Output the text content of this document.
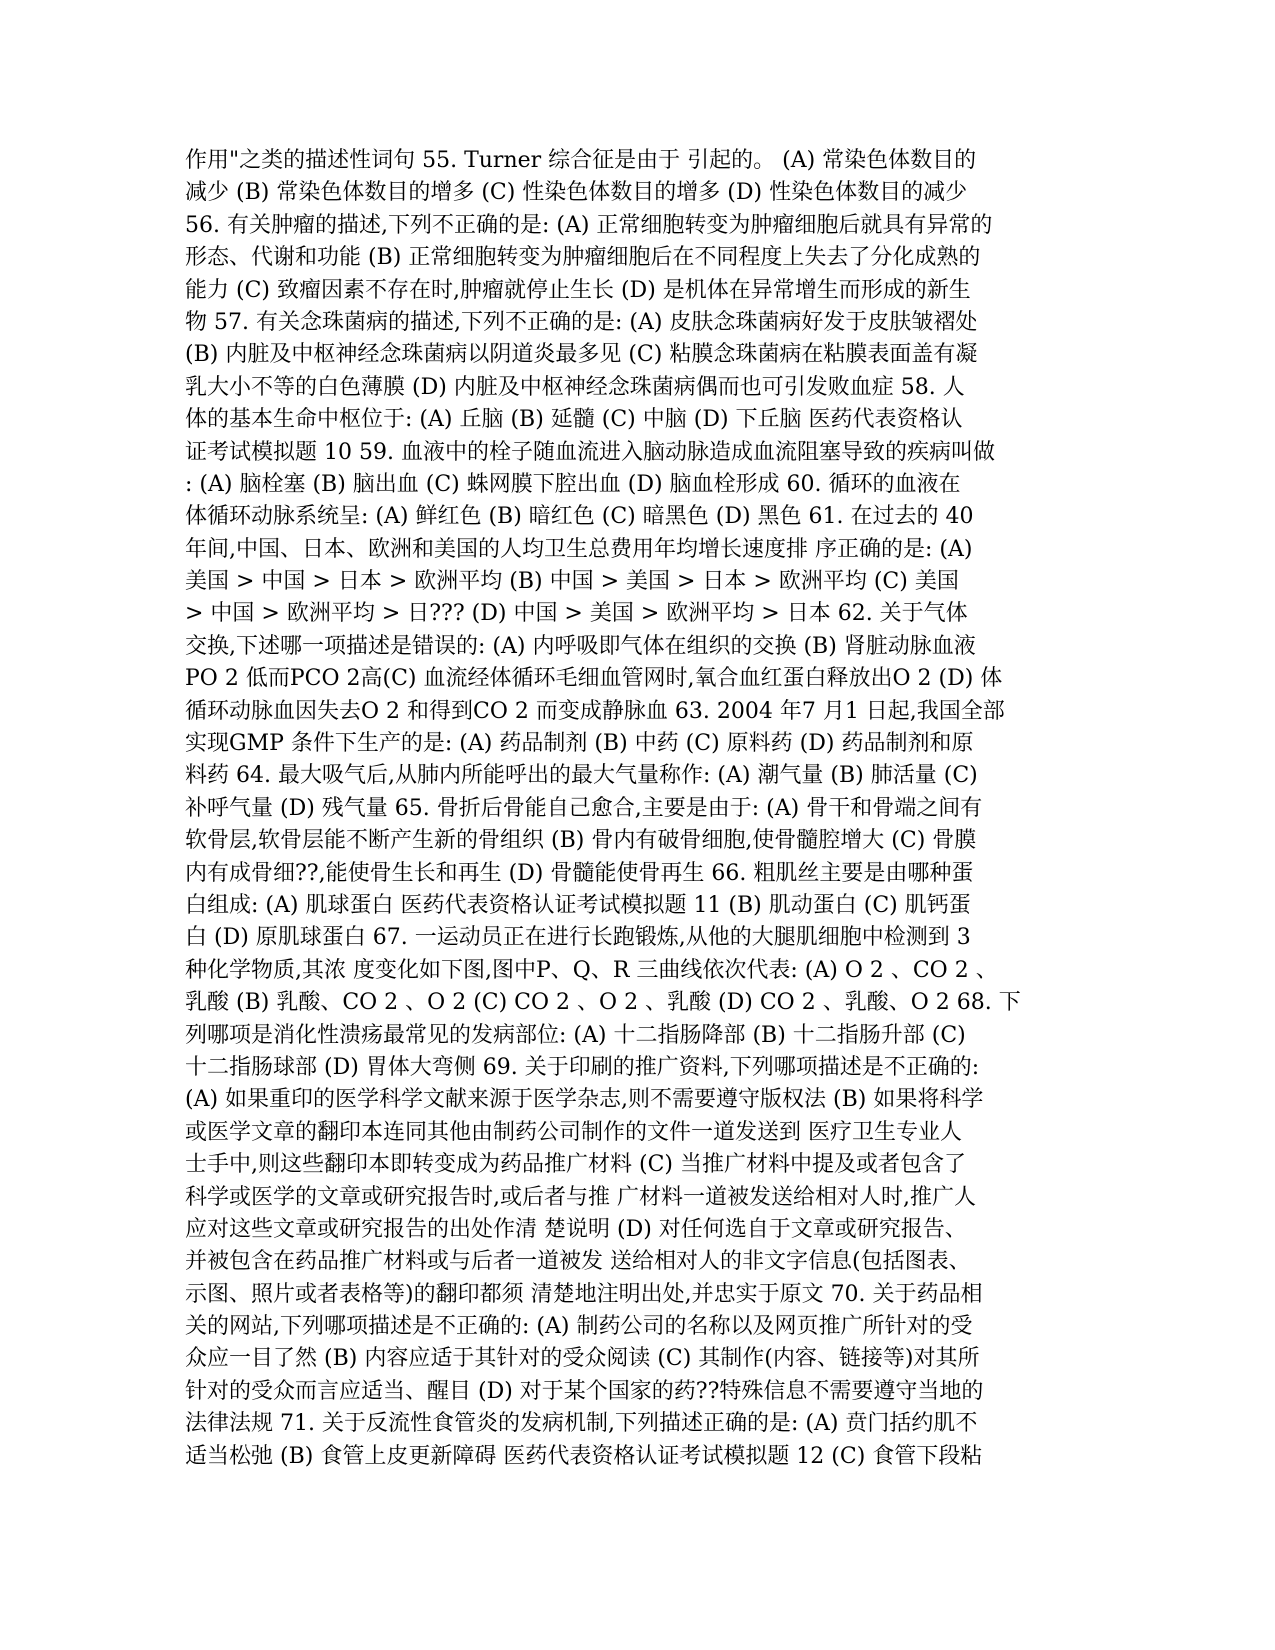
作用"之类的描述性词句 55. Turner 综合征是由于 引起的。 (A) 常染色体数目的
减少 (B) 常染色体数目的增多 (C) 性染色体数目的增多 (D) 性染色体数目的减少
56. 有关肿瘤的描述,下列不正确的是: (A) 正常细胞转变为肿瘤细胞后就具有异常的
形态、代谢和功能 (B) 正常细胞转变为肿瘤细胞后在不同程度上失去了分化成熟的
能力 (C) 致瘤因素不存在时,肿瘤就停止生长 (D) 是机体在异常增生而形成的新生
物 57. 有关念珠菌病的描述,下列不正确的是: (A) 皮肤念珠菌病好发于皮肤皱褶处
(B) 内脏及中枢神经念珠菌病以阴道炎最多见 (C) 粘膜念珠菌病在粘膜表面盖有凝
乳大小不等的白色薄膜 (D) 内脏及中枢神经念珠菌病偶而也可引发败血症 58. 人
体的基本生命中枢位于: (A) 丘脑 (B) 延髓 (C) 中脑 (D) 下丘脑 医药代表资格认
证考试模拟题 10 59. 血液中的栓子随血流进入脑动脉造成血流阻塞导致的疾病叫做
: (A) 脑栓塞 (B) 脑出血 (C) 蛛网膜下腔出血 (D) 脑血栓形成 60. 循环的血液在
体循环动脉系统呈: (A) 鲜红色 (B) 暗红色 (C) 暗黑色 (D) 黑色 61. 在过去的 40
年间,中国、日本、欧洲和美国的人均卫生总费用年均增长速度排 序正确的是: (A)
美国 > 中国 > 日本 > 欧洲平均 (B) 中国 > 美国 > 日本 > 欧洲平均 (C) 美国
> 中国 > 欧洲平均 > 日??? (D) 中国 > 美国 > 欧洲平均 > 日本 62. 关于气体
交换,下述哪一项描述是错误的: (A) 内呼吸即气体在组织的交换 (B) 肾脏动脉血液
PO 2 低而PCO 2高(C) 血流经体循环毛细血管网时,氧合血红蛋白释放出O 2 (D) 体
循环动脉血因失去O 2 和得到CO 2 而变成静脉血 63. 2004 年7 月1 日起,我国全部
实现GMP 条件下生产的是: (A) 药品制剂 (B) 中药 (C) 原料药 (D) 药品制剂和原
料药 64. 最大吸气后,从肺内所能呼出的最大气量称作: (A) 潮气量 (B) 肺活量 (C)
补呼气量 (D) 残气量 65. 骨折后骨能自己愈合,主要是由于: (A) 骨干和骨端之间有
软骨层,软骨层能不断产生新的骨组织 (B) 骨内有破骨细胞,使骨髓腔增大 (C) 骨膜
内有成骨细??,能使骨生长和再生 (D) 骨髓能使骨再生 66. 粗肌丝主要是由哪种蛋
白组成: (A) 肌球蛋白 医药代表资格认证考试模拟题 11 (B) 肌动蛋白 (C) 肌钙蛋
白 (D) 原肌球蛋白 67. 一运动员正在进行长跑锻炼,从他的大腿肌细胞中检测到 3
种化学物质,其浓 度变化如下图,图中P、Q、R 三曲线依次代表: (A) O 2 、CO 2 、
乳酸 (B) 乳酸、CO 2 、O 2 (C) CO 2 、O 2 、乳酸 (D) CO 2 、乳酸、O 2 68. 下
列哪项是消化性溃疡最常见的发病部位: (A) 十二指肠降部 (B) 十二指肠升部 (C)
十二指肠球部 (D) 胃体大弯侧 69. 关于印刷的推广资料,下列哪项描述是不正确的:
(A) 如果重印的医学科学文献来源于医学杂志,则不需要遵守版权法 (B) 如果将科学
或医学文章的翻印本连同其他由制药公司制作的文件一道发送到 医疗卫生专业人
士手中,则这些翻印本即转变成为药品推广材料 (C) 当推广材料中提及或者包含了
科学或医学的文章或研究报告时,或后者与推 广材料一道被发送给相对人时,推广人
应对这些文章或研究报告的出处作清 楚说明 (D) 对任何选自于文章或研究报告、
并被包含在药品推广材料或与后者一道被发 送给相对人的非文字信息(包括图表、
示图、照片或者表格等)的翻印都须 清楚地注明出处,并忠实于原文 70. 关于药品相
关的网站,下列哪项描述是不正确的: (A) 制药公司的名称以及网页推广所针对的受
众应一目了然 (B) 内容应适于其针对的受众阅读 (C) 其制作(内容、链接等)对其所
针对的受众而言应适当、醒目 (D) 对于某个国家的药??特殊信息不需要遵守当地的
法律法规 71. 关于反流性食管炎的发病机制,下列描述正确的是: (A) 贲门括约肌不
适当松弛 (B) 食管上皮更新障碍 医药代表资格认证考试模拟题 12 (C) 食管下段粘
